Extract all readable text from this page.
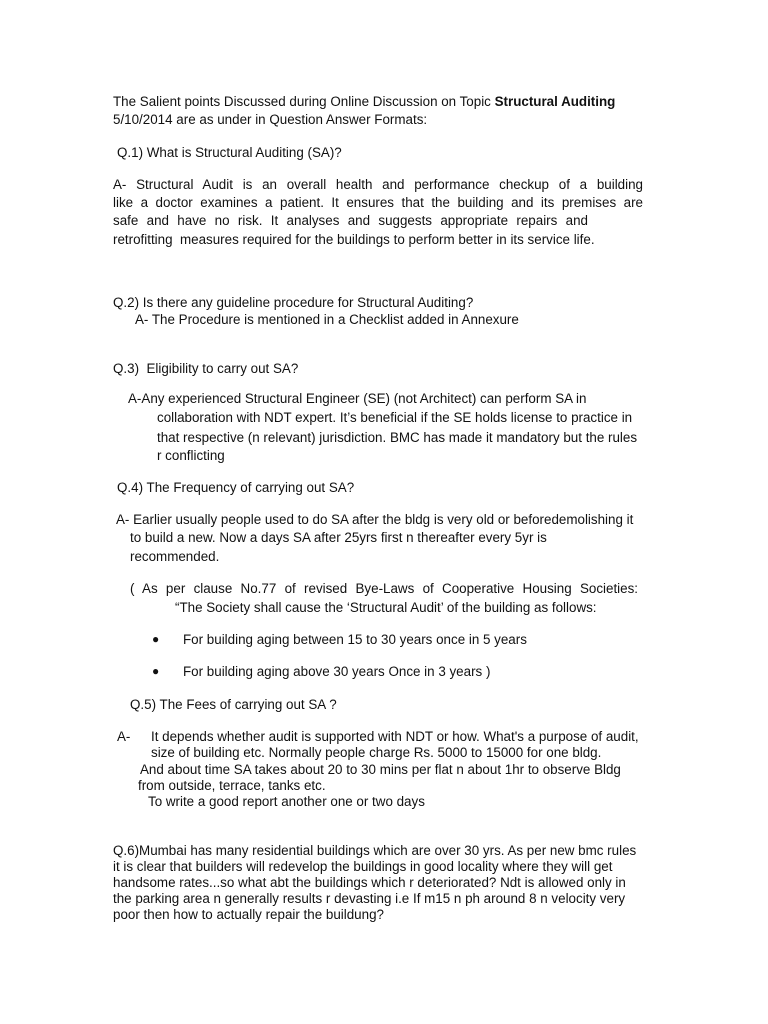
The Salient points Discussed during Online Discussion on Topic Structural Auditing
5/10/2014 are as under in Question Answer Formats:
Q.1) What is Structural Auditing (SA)?
A- Structural Audit is an overall health and performance checkup of a building
like a doctor examines a patient. It ensures that the building and its premises are
safe and have no risk. It analyses and suggests appropriate repairs and
retrofitting  measures required for the buildings to perform better in its service life.
Q.2) Is there any guideline procedure for Structural Auditing?
A- The Procedure is mentioned in a Checklist added in Annexure
Q.3)  Eligibility to carry out SA?
A-Any experienced Structural Engineer (SE) (not Architect) can perform SA in
collaboration with NDT expert. It’s beneficial if the SE holds license to practice in
that respective (n relevant) jurisdiction. BMC has made it mandatory but the rules
r conflicting
Q.4) The Frequency of carrying out SA?
A- Earlier usually people used to do SA after the bldg is very old or beforedemolishing it
to build a new. Now a days SA after 25yrs first n thereafter every 5yr is
recommended.
( As per clause No.77 of revised Bye-Laws of Cooperative Housing Societies:
“The Society shall cause the ‘Structural Audit’ of the building as follows:
● For building aging between 15 to 30 years once in 5 years
● For building aging above 30 years Once in 3 years )
Q.5) The Fees of carrying out SA ?
A- It depends whether audit is supported with NDT or how. What's a purpose of audit,
size of building etc. Normally people charge Rs. 5000 to 15000 for one bldg.
And about time SA takes about 20 to 30 mins per flat n about 1hr to observe Bldg
from outside, terrace, tanks etc.
To write a good report another one or two days
Q.6)Mumbai has many residential buildings which are over 30 yrs. As per new bmc rules
it is clear that builders will redevelop the buildings in good locality where they will get
handsome rates...so what abt the buildings which r deteriorated? Ndt is allowed only in
the parking area n generally results r devasting i.e If m15 n ph around 8 n velocity very
poor then how to actually repair the buildung?
